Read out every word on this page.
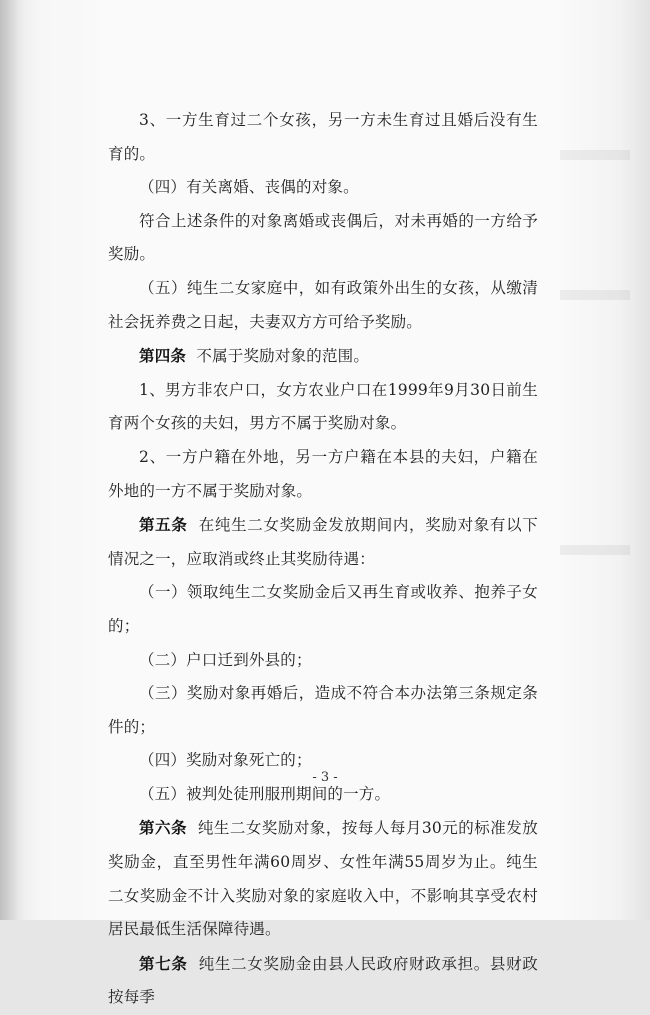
3、一方生育过二个女孩，另一方未生育过且婚后没有生育的。

（四）有关离婚、丧偶的对象。

符合上述条件的对象离婚或丧偶后，对未再婚的一方给予奖励。

（五）纯生二女家庭中，如有政策外出生的女孩，从缴清社会抚养费之日起，夫妻双方方可给予奖励。

第四条 不属于奖励对象的范围。

1、男方非农户口，女方农业户口在1999年9月30日前生育两个女孩的夫妇，男方不属于奖励对象。

2、一方户籍在外地，另一方户籍在本县的夫妇，户籍在外地的一方不属于奖励对象。

第五条 在纯生二女奖励金发放期间内，奖励对象有以下情况之一，应取消或终止其奖励待遇：

（一）领取纯生二女奖励金后又再生育或收养、抱养子女的；

（二）户口迁到外县的；

（三）奖励对象再婚后，造成不符合本办法第三条规定条件的；

（四）奖励对象死亡的；

（五）被判处徒刑服刑期间的一方。

第六条 纯生二女奖励对象，按每人每月30元的标准发放奖励金，直至男性年满60周岁、女性年满55周岁为止。纯生二女奖励金不计入奖励对象的家庭收入中，不影响其享受农村居民最低生活保障待遇。

第七条 纯生二女奖励金由县人民政府财政承担。县财政按每季

- 3 -
